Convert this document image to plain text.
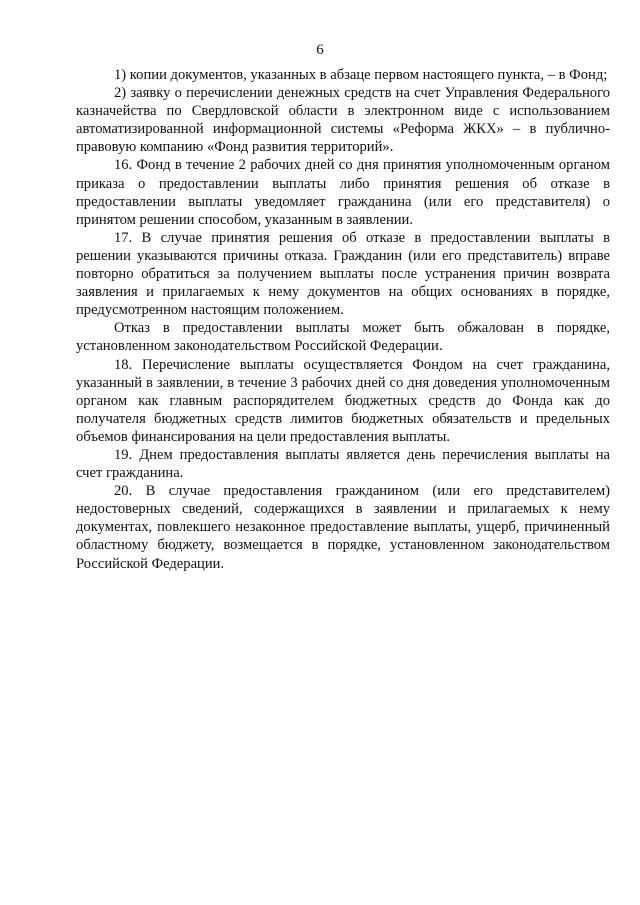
6

1) копии документов, указанных в абзаце первом настоящего пункта, – в Фонд;

2) заявку о перечислении денежных средств на счет Управления Федерального казначейства по Свердловской области в электронном виде с использованием автоматизированной информационной системы «Реформа ЖКХ» – в публично-правовую компанию «Фонд развития территорий».

16. Фонд в течение 2 рабочих дней со дня принятия уполномоченным органом приказа о предоставлении выплаты либо принятия решения об отказе в предоставлении выплаты уведомляет гражданина (или его представителя) о принятом решении способом, указанным в заявлении.

17. В случае принятия решения об отказе в предоставлении выплаты в решении указываются причины отказа. Гражданин (или его представитель) вправе повторно обратиться за получением выплаты после устранения причин возврата заявления и прилагаемых к нему документов на общих основаниях в порядке, предусмотренном настоящим положением.

Отказ в предоставлении выплаты может быть обжалован в порядке, установленном законодательством Российской Федерации.

18. Перечисление выплаты осуществляется Фондом на счет гражданина, указанный в заявлении, в течение 3 рабочих дней со дня доведения уполномоченным органом как главным распорядителем бюджетных средств до Фонда как до получателя бюджетных средств лимитов бюджетных обязательств и предельных объемов финансирования на цели предоставления выплаты.

19. Днем предоставления выплаты является день перечисления выплаты на счет гражданина.

20. В случае предоставления гражданином (или его представителем) недостоверных сведений, содержащихся в заявлении и прилагаемых к нему документах, повлекшего незаконное предоставление выплаты, ущерб, причиненный областному бюджету, возмещается в порядке, установленном законодательством Российской Федерации.
